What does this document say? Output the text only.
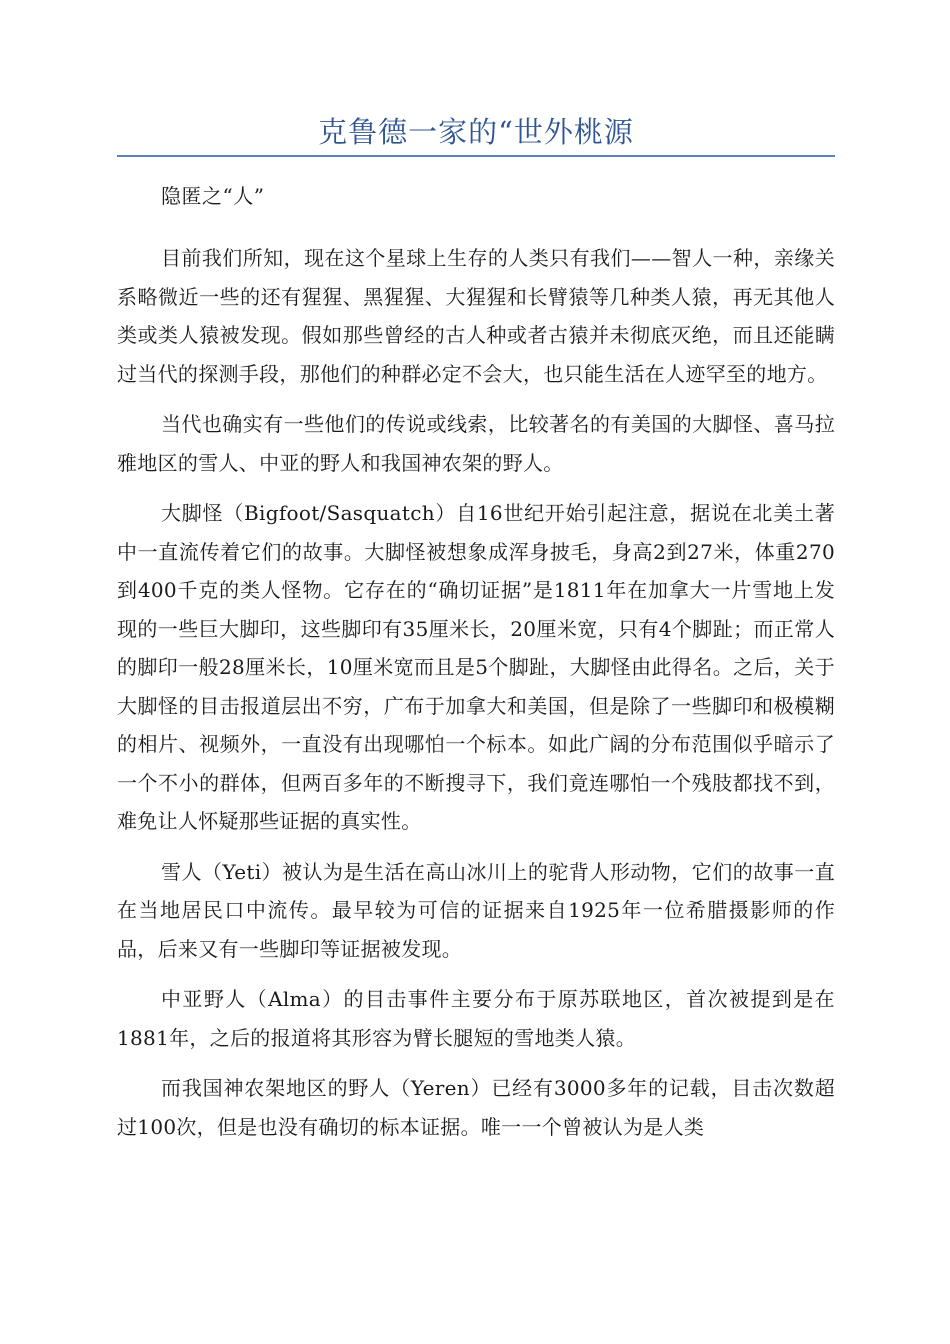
克鲁德一家的“世外桃源
隐匿之“人”

目前我们所知，现在这个星球上生存的人类只有我们——智人一种，亲缘关系略微近一些的还有猩猩、黑猩猩、大猩猩和长臂猿等几种类人猿，再无其他人类或类人猿被发现。假如那些曾经的古人种或者古猿并未彻底灭绝，而且还能瞒过当代的探测手段，那他们的种群必定不会大，也只能生活在人迹罕至的地方。

当代也确实有一些他们的传说或线索，比较著名的有美国的大脚怪、喜马拉雅地区的雪人、中亚的野人和我国神农架的野人。

大脚怪（Bigfoot/Sasquatch）自16世纪开始引起注意，据说在北美土著中一直流传着它们的故事。大脚怪被想象成浑身披毛，身高2到27米，体重270到400千克的类人怪物。它存在的“确切证据”是1811年在加拿大一片雪地上发现的一些巨大脚印，这些脚印有35厘米长，20厘米宽，只有4个脚趾；而正常人的脚印一般28厘米长，10厘米宽而且是5个脚趾，大脚怪由此得名。之后，关于大脚怪的目击报道层出不穷，广布于加拿大和美国，但是除了一些脚印和极模糊的相片、视频外，一直没有出现哪怕一个标本。如此广阔的分布范围似乎暗示了一个不小的群体，但两百多年的不断搜寻下，我们竟连哪怕一个残肢都找不到，难免让人怀疑那些证据的真实性。

雪人（Yeti）被认为是生活在高山冰川上的驼背人形动物，它们的故事一直在当地居民口中流传。最早较为可信的证据来自1925年一位希腊摄影师的作品，后来又有一些脚印等证据被发现。

中亚野人（Alma）的目击事件主要分布于原苏联地区，首次被提到是在1881年，之后的报道将其形容为臂长腿短的雪地类人猿。

而我国神农架地区的野人（Yeren）已经有3000多年的记载，目击次数超过100次，但是也没有确切的标本证据。唯一一个曾被认为是人类
